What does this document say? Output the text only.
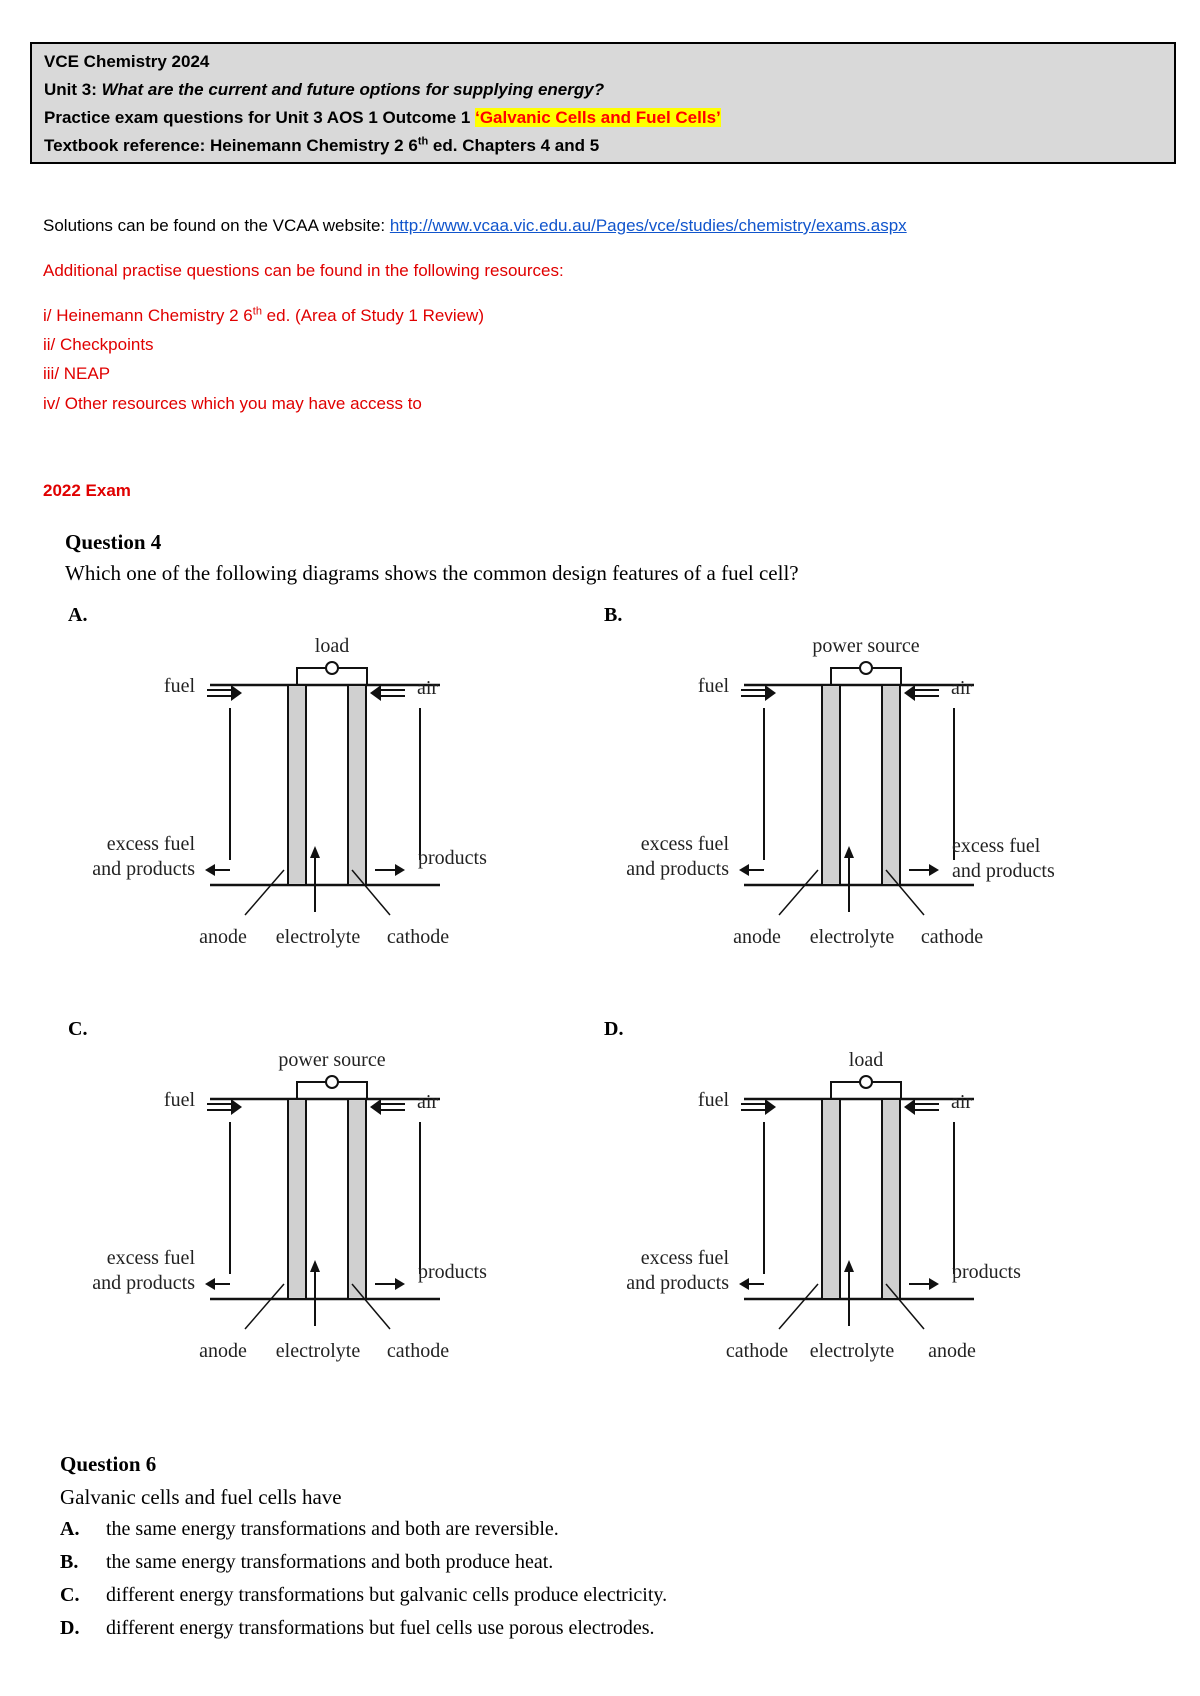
VCE Chemistry 2024
Unit 3: What are the current and future options for supplying energy?
Practice exam questions for Unit 3 AOS 1 Outcome 1 ‘Galvanic Cells and Fuel Cells’
Textbook reference: Heinemann Chemistry 2 6th ed. Chapters 4 and 5
Solutions can be found on the VCAA website: http://www.vcaa.vic.edu.au/Pages/vce/studies/chemistry/exams.aspx
Additional practise questions can be found in the following resources:
i/ Heinemann Chemistry 2 6th ed. (Area of Study 1 Review)
ii/ Checkpoints
iii/ NEAP
iv/ Other resources which you may have access to
2022 Exam
Question 4
Which one of the following diagrams shows the common design features of a fuel cell?
A.	B.
C.	D.
load
fuel	air
excess fuel
and products	products
anode electrolyte cathode
power source
fuel	air
excess fuel
and products
excess fuel
and products
anode electrolyte cathode
power source
fuel	air
excess fuel
and products	products
anode electrolyte cathode
load
fuel	air
excess fuel
and products	products
cathode electrolyte anode
Question 6
Galvanic cells and fuel cells have
A. the same energy transformations and both are reversible.
B. the same energy transformations and both produce heat.
C. different energy transformations but galvanic cells produce electricity.
D. different energy transformations but fuel cells use porous electrodes.
